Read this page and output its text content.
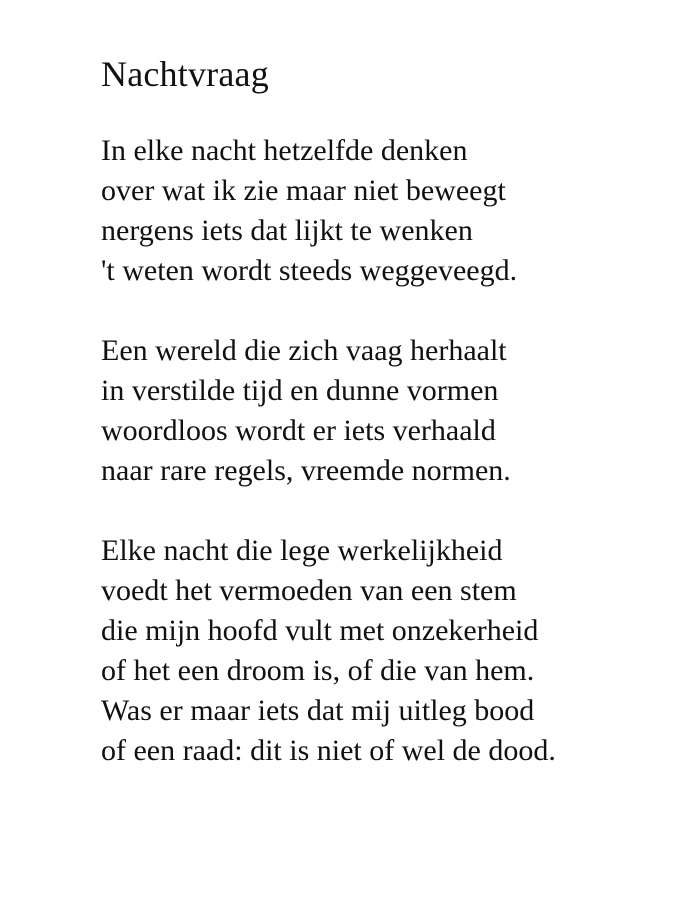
Nachtvraag
In elke nacht hetzelfde denken
over wat ik zie maar niet beweegt
nergens iets dat lijkt te wenken
't weten wordt steeds weggeveegd.
Een wereld die zich vaag herhaalt
in verstilde tijd en dunne vormen
woordloos wordt er iets verhaald
naar rare regels, vreemde normen.
Elke nacht die lege werkelijkheid
voedt het vermoeden van een stem
die mijn hoofd vult met onzekerheid
of het een droom is, of die van hem.
Was er maar iets dat mij uitleg bood
of een raad: dit is niet of wel de dood.
